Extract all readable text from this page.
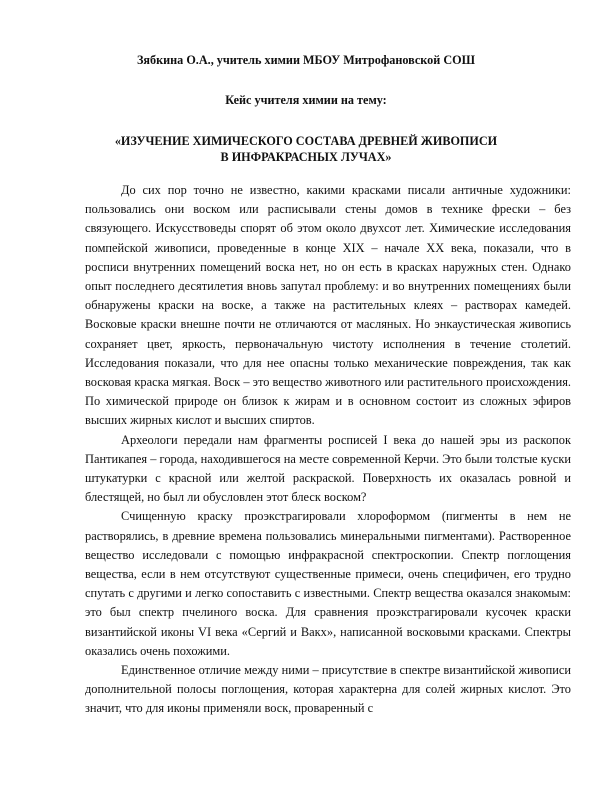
Зябкина О.А., учитель химии МБОУ Митрофановской СОШ
Кейс учителя химии на тему:
«ИЗУЧЕНИЕ ХИМИЧЕСКОГО СОСТАВА ДРЕВНЕЙ ЖИВОПИСИ
В ИНФРАКРАСНЫХ ЛУЧАХ»

До сих пор точно не известно, какими красками писали античные художники: пользовались они воском или расписывали стены домов в технике фрески – без связующего. Искусствоведы спорят об этом около двухсот лет. Химические исследования помпейской живописи, проведенные в конце XIX – начале XX века, показали, что в росписи внутренних помещений воска нет, но он есть в красках наружных стен. Однако опыт последнего десятилетия вновь запутал проблему: и во внутренних помещениях были обнаружены краски на воске, а также на растительных клеях – растворах камедей. Восковые краски внешне почти не отличаются от масляных. Но энкаустическая живопись сохраняет цвет, яркость, первоначальную чистоту исполнения в течение столетий. Исследования показали, что для нее опасны только механические повреждения, так как восковая краска мягкая. Воск – это вещество животного или растительного происхождения. По химической природе он близок к жирам и в основном состоит из сложных эфиров высших жирных кислот и высших спиртов.

Археологи передали нам фрагменты росписей I века до нашей эры из раскопок Пантикапея – города, находившегося на месте современной Керчи. Это были толстые куски штукатурки с красной или желтой раскраской. Поверхность их оказалась ровной и блестящей, но был ли обусловлен этот блеск воском?

Счищенную краску проэкстрагировали хлороформом (пигменты в нем не растворялись, в древние времена пользовались минеральными пигментами). Растворенное вещество исследовали с помощью инфракрасной спектроскопии. Спектр поглощения вещества, если в нем отсутствуют существенные примеси, очень специфичен, его трудно спутать с другими и легко сопоставить с известными. Спектр вещества оказался знакомым: это был спектр пчелиного воска. Для сравнения проэкстрагировали кусочек краски византийской иконы VI века «Сергий и Вакх», написанной восковыми красками. Спектры оказались очень похожими.

Единственное отличие между ними – присутствие в спектре византийской живописи дополнительной полосы поглощения, которая характерна для солей жирных кислот. Это значит, что для иконы применяли воск, проваренный с
